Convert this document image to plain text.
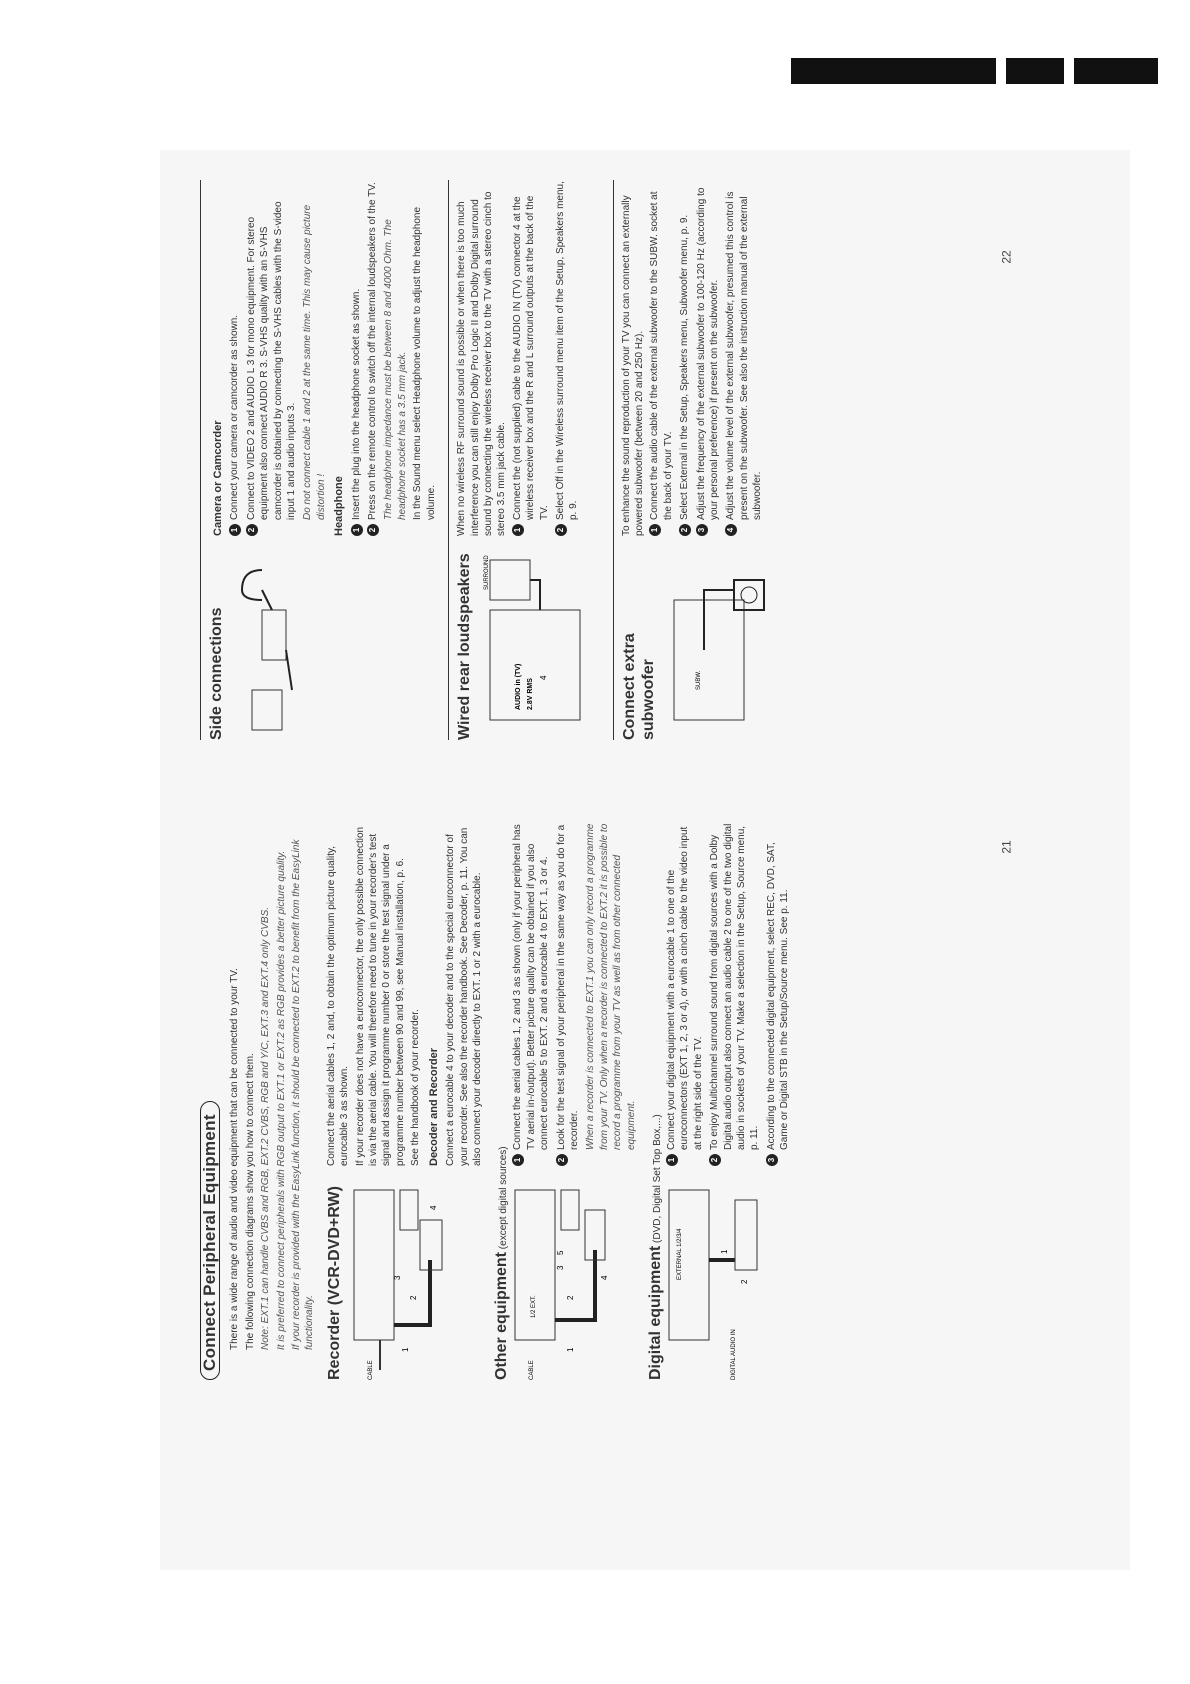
Connect Peripheral Equipment There is a wide range of audio and video equipment that can be connected to your TV. The following connection diagrams show you how to connect them. Note: EXT.1 can handle CVBS and RGB, EXT.2 CVBS, RGB and Y/C, EXT.3 and EXT.4 only CVBS. It is preferred to connect peripherals with RGB output to EXT.1 or EXT.2 as RGB provides a better picture quality. If your recorder is provided with the EasyLink function, it should be connected to EXT.2 to benefit from the EasyLink functionality. Recorder (VCR-DVD+RW)	CABLE
1
2
3
4

Connect the aerial cables 1, 2 and, to obtain the optimum picture quality, eurocable 3 as shown. If your recorder does not have a euroconnector, the only possible connection is via the aerial cable. You will therefore need to tune in your recorder's test signal and assign it programme number 0 or store the test signal under a programme number between 90 and 99, see Manual installation, p. 6. See the handbook of your recorder. Decoder and Recorder Connect a eurocable 4 to your decoder and to the special euroconnector of your recorder. See also the recorder handbook. See Decoder, p. 11. You can also connect your decoder directly to EXT. 1 or 2 with a eurocable.

Other equipment (except digital sources)
CABLE
1/2 EXT.
1
2
3
4
5
1
Connect the aerial cables 1, 2 and 3 as shown (only if your peripheral has TV aerial in-/output). Better picture quality can be obtained if you also connect eurocable 5 to EXT. 2 and a eurocable 4 to EXT. 1, 3 or 4.
2
Look for the test signal of your peripheral in the same way as you do for a recorder. When a recorder is connected to EXT.1 you can only record a programme from your TV. Only when a recorder is connected to EXT.2 it is possible to record a programme from your TV as well as from other connected equipment.

Digital equipment (DVD, Digital Set Top Box,...)
EXTERNAL 1/2/3/4
DIGITAL AUDIO IN
1
2
1
Connect your digital equipment with a eurocable 1 to one of the euroconnectors (EXT 1, 2, 3 or 4), or with a cinch cable to the video input at the right side of the TV.
2
To enjoy Multichannel surround sound from digital sources with a Dolby Digital audio output also connect an audio cable 2 to one of the two digital audio in sockets of your TV. Make a selection in the Setup, Source menu, p. 11.
3
According to the connected digital equipment, select REC, DVD, SAT, Game or Digital STB in the Setup/Source menu. See p. 11.
21
Side connections
Camera or Camcorder 1
Connect your camera or camcorder as shown.
2
Connect to VIDEO 2 and AUDIO L 3 for mono equipment. For stereo equipment also connect AUDIO R 3. S-VHS quality with an S-VHS camcorder is obtained by connecting the S-VHS cables with the S-video input 1 and audio inputs 3. Do not connect cable 1 and 2 at the same time. This may cause picture distortion ! Headphone 1
Insert the plug into the headphone socket as shown.
2
Press on the remote control to switch off the internal loudspeakers of the TV. The headphone impedance must be between 8 and 4000 Ohm. The headphone socket has a 3.5 mm jack. In the Sound menu select Headphone volume to adjust the headphone volume.

Wired rear loudspeakers SURROUND
AUDIO in (TV) 2.8V RMS
4

When no wireless RF surround sound is possible or when there is too much interference you can still enjoy Dolby Pro Logic II and Dolby Digital surround sound by connecting the wireless receiver box to the TV with a stereo cinch to stereo 3.5 mm jack cable. 1
Connect the (not supplied) cable to the AUDIO IN (TV) connector 4 at the wireless receiver box and the R and L surround outputs at the back of the TV.
2
Select Off in the Wireless surround menu item of the Setup, Speakers menu, p. 9.
Connect extra subwoofer	SUBW.

To enhance the sound reproduction of your TV you can connect an externally powered subwoofer (between 20 and 250 Hz). 1
Connect the audio cable of the external subwoofer to the SUBW. socket at the back of your TV.
2
Select External in the Setup, Speakers menu, Subwoofer menu, p. 9.
3
Adjust the frequency of the external subwoofer to 100-120 Hz (according to your personal preference) if present on the subwoofer.
4
Adjust the volume level of the external subwoofer, presumed this control is present on the subwoofer. See also the instruction manual of the external subwoofer.
22
